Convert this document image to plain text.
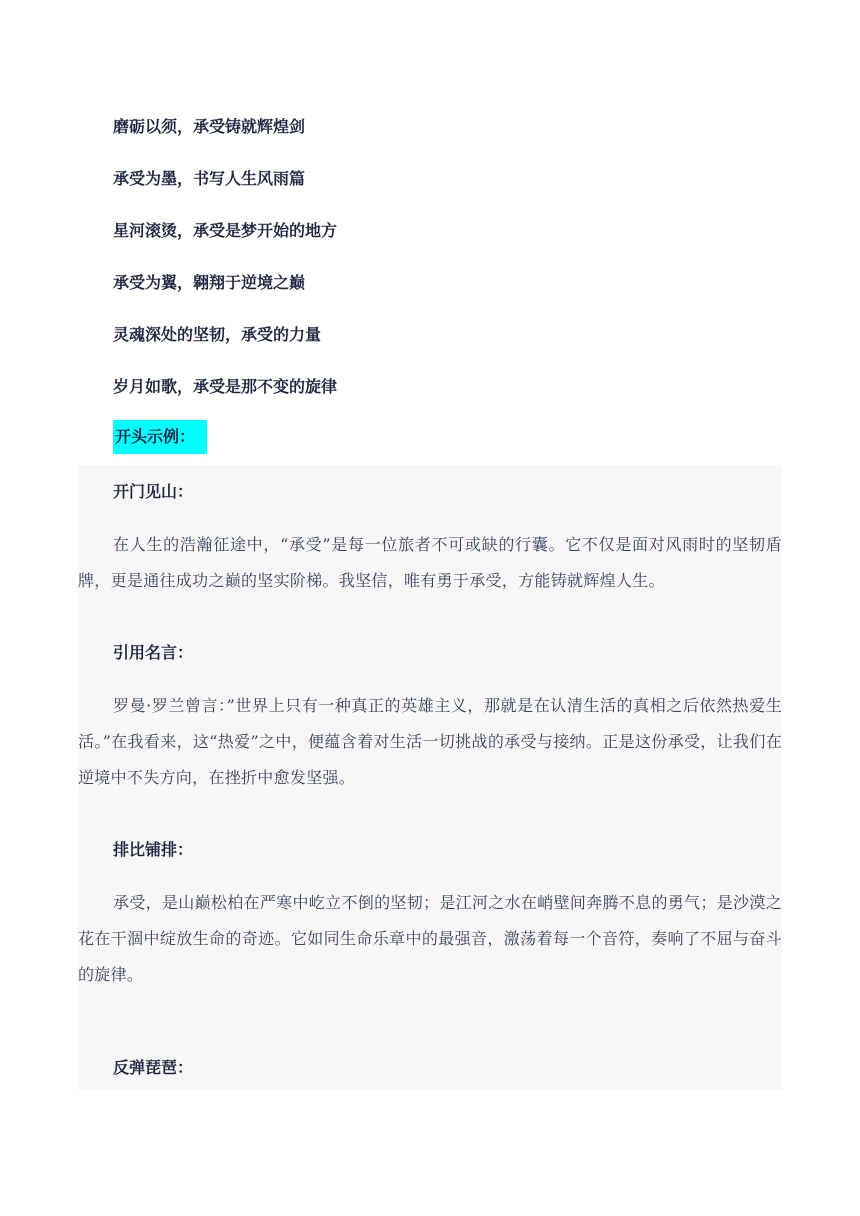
磨砺以须，承受铸就辉煌剑
承受为墨，书写人生风雨篇
星河滚烫，承受是梦开始的地方
承受为翼，翱翔于逆境之巅
灵魂深处的坚韧，承受的力量
岁月如歌，承受是那不变的旋律
开头示例：
开门见山：
在人生的浩瀚征途中，“承受”是每一位旅者不可或缺的行囊。它不仅是面对风雨时的坚韧盾牌，更是通往成功之巅的坚实阶梯。我坚信，唯有勇于承受，方能铸就辉煌人生。
引用名言：
罗曼·罗兰曾言：”世界上只有一种真正的英雄主义，那就是在认清生活的真相之后依然热爱生活。”在我看来，这“热爱”之中，便蕴含着对生活一切挑战的承受与接纳。正是这份承受，让我们在逆境中不失方向，在挫折中愈发坚强。
排比铺排：
承受，是山巅松柏在严寒中屹立不倒的坚韧；是江河之水在峭壁间奔腾不息的勇气；是沙漠之花在干涸中绽放生命的奇迹。它如同生命乐章中的最强音，激荡着每一个音符，奏响了不屈与奋斗的旋律。
反弹琵琶：
